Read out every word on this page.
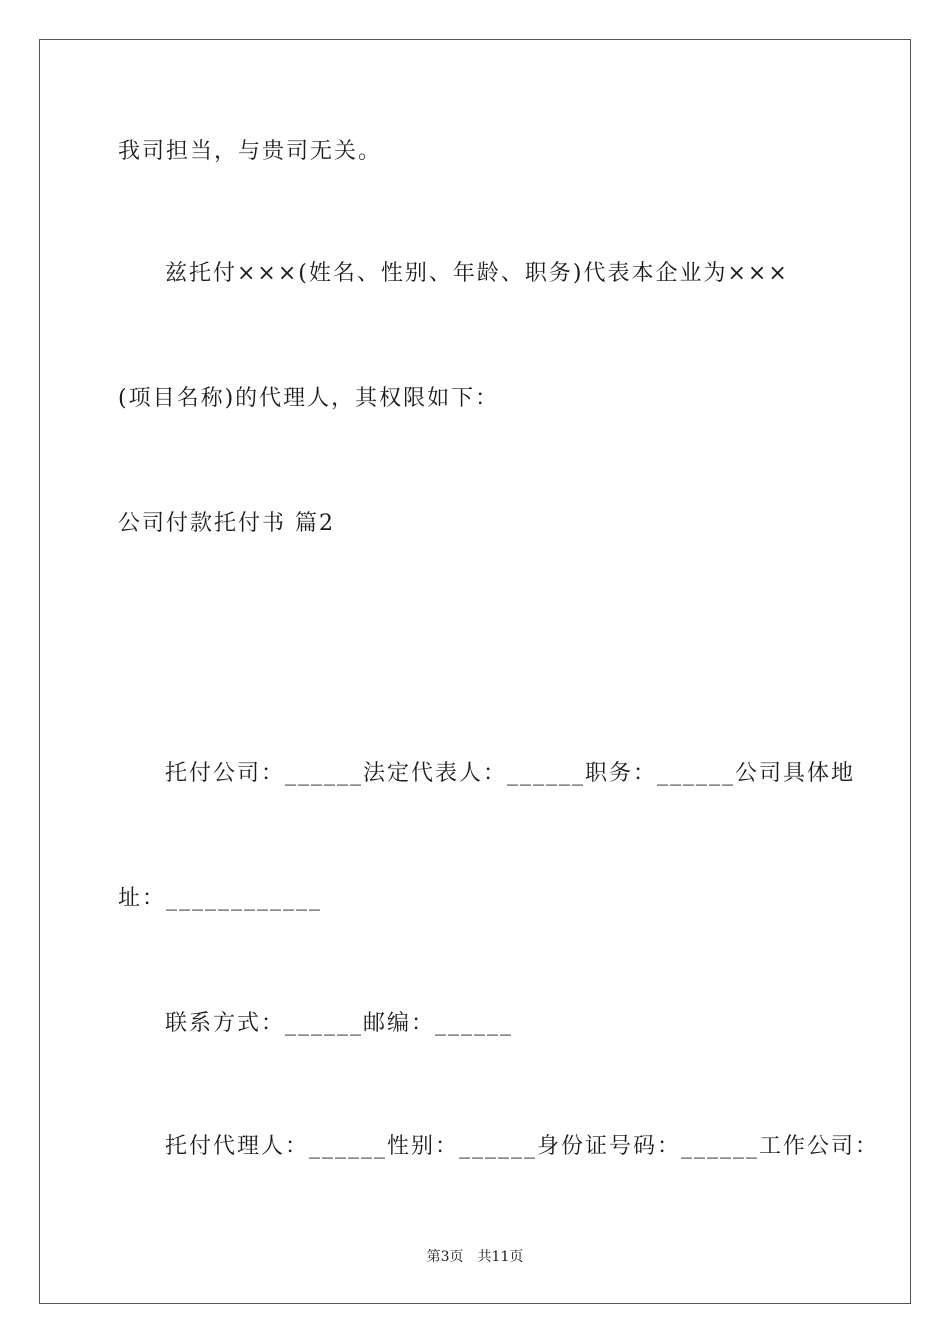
我司担当，与贵司无关。
兹托付×××(姓名、性别、年龄、职务)代表本企业为×××
(项目名称)的代理人，其权限如下：
公司付款托付书 篇2
托付公司：______法定代表人：______职务：______公司具体地
址：____________
联系方式：______邮编：______
托付代理人：______性别：______身份证号码：______工作公司：
第3页 共11页
